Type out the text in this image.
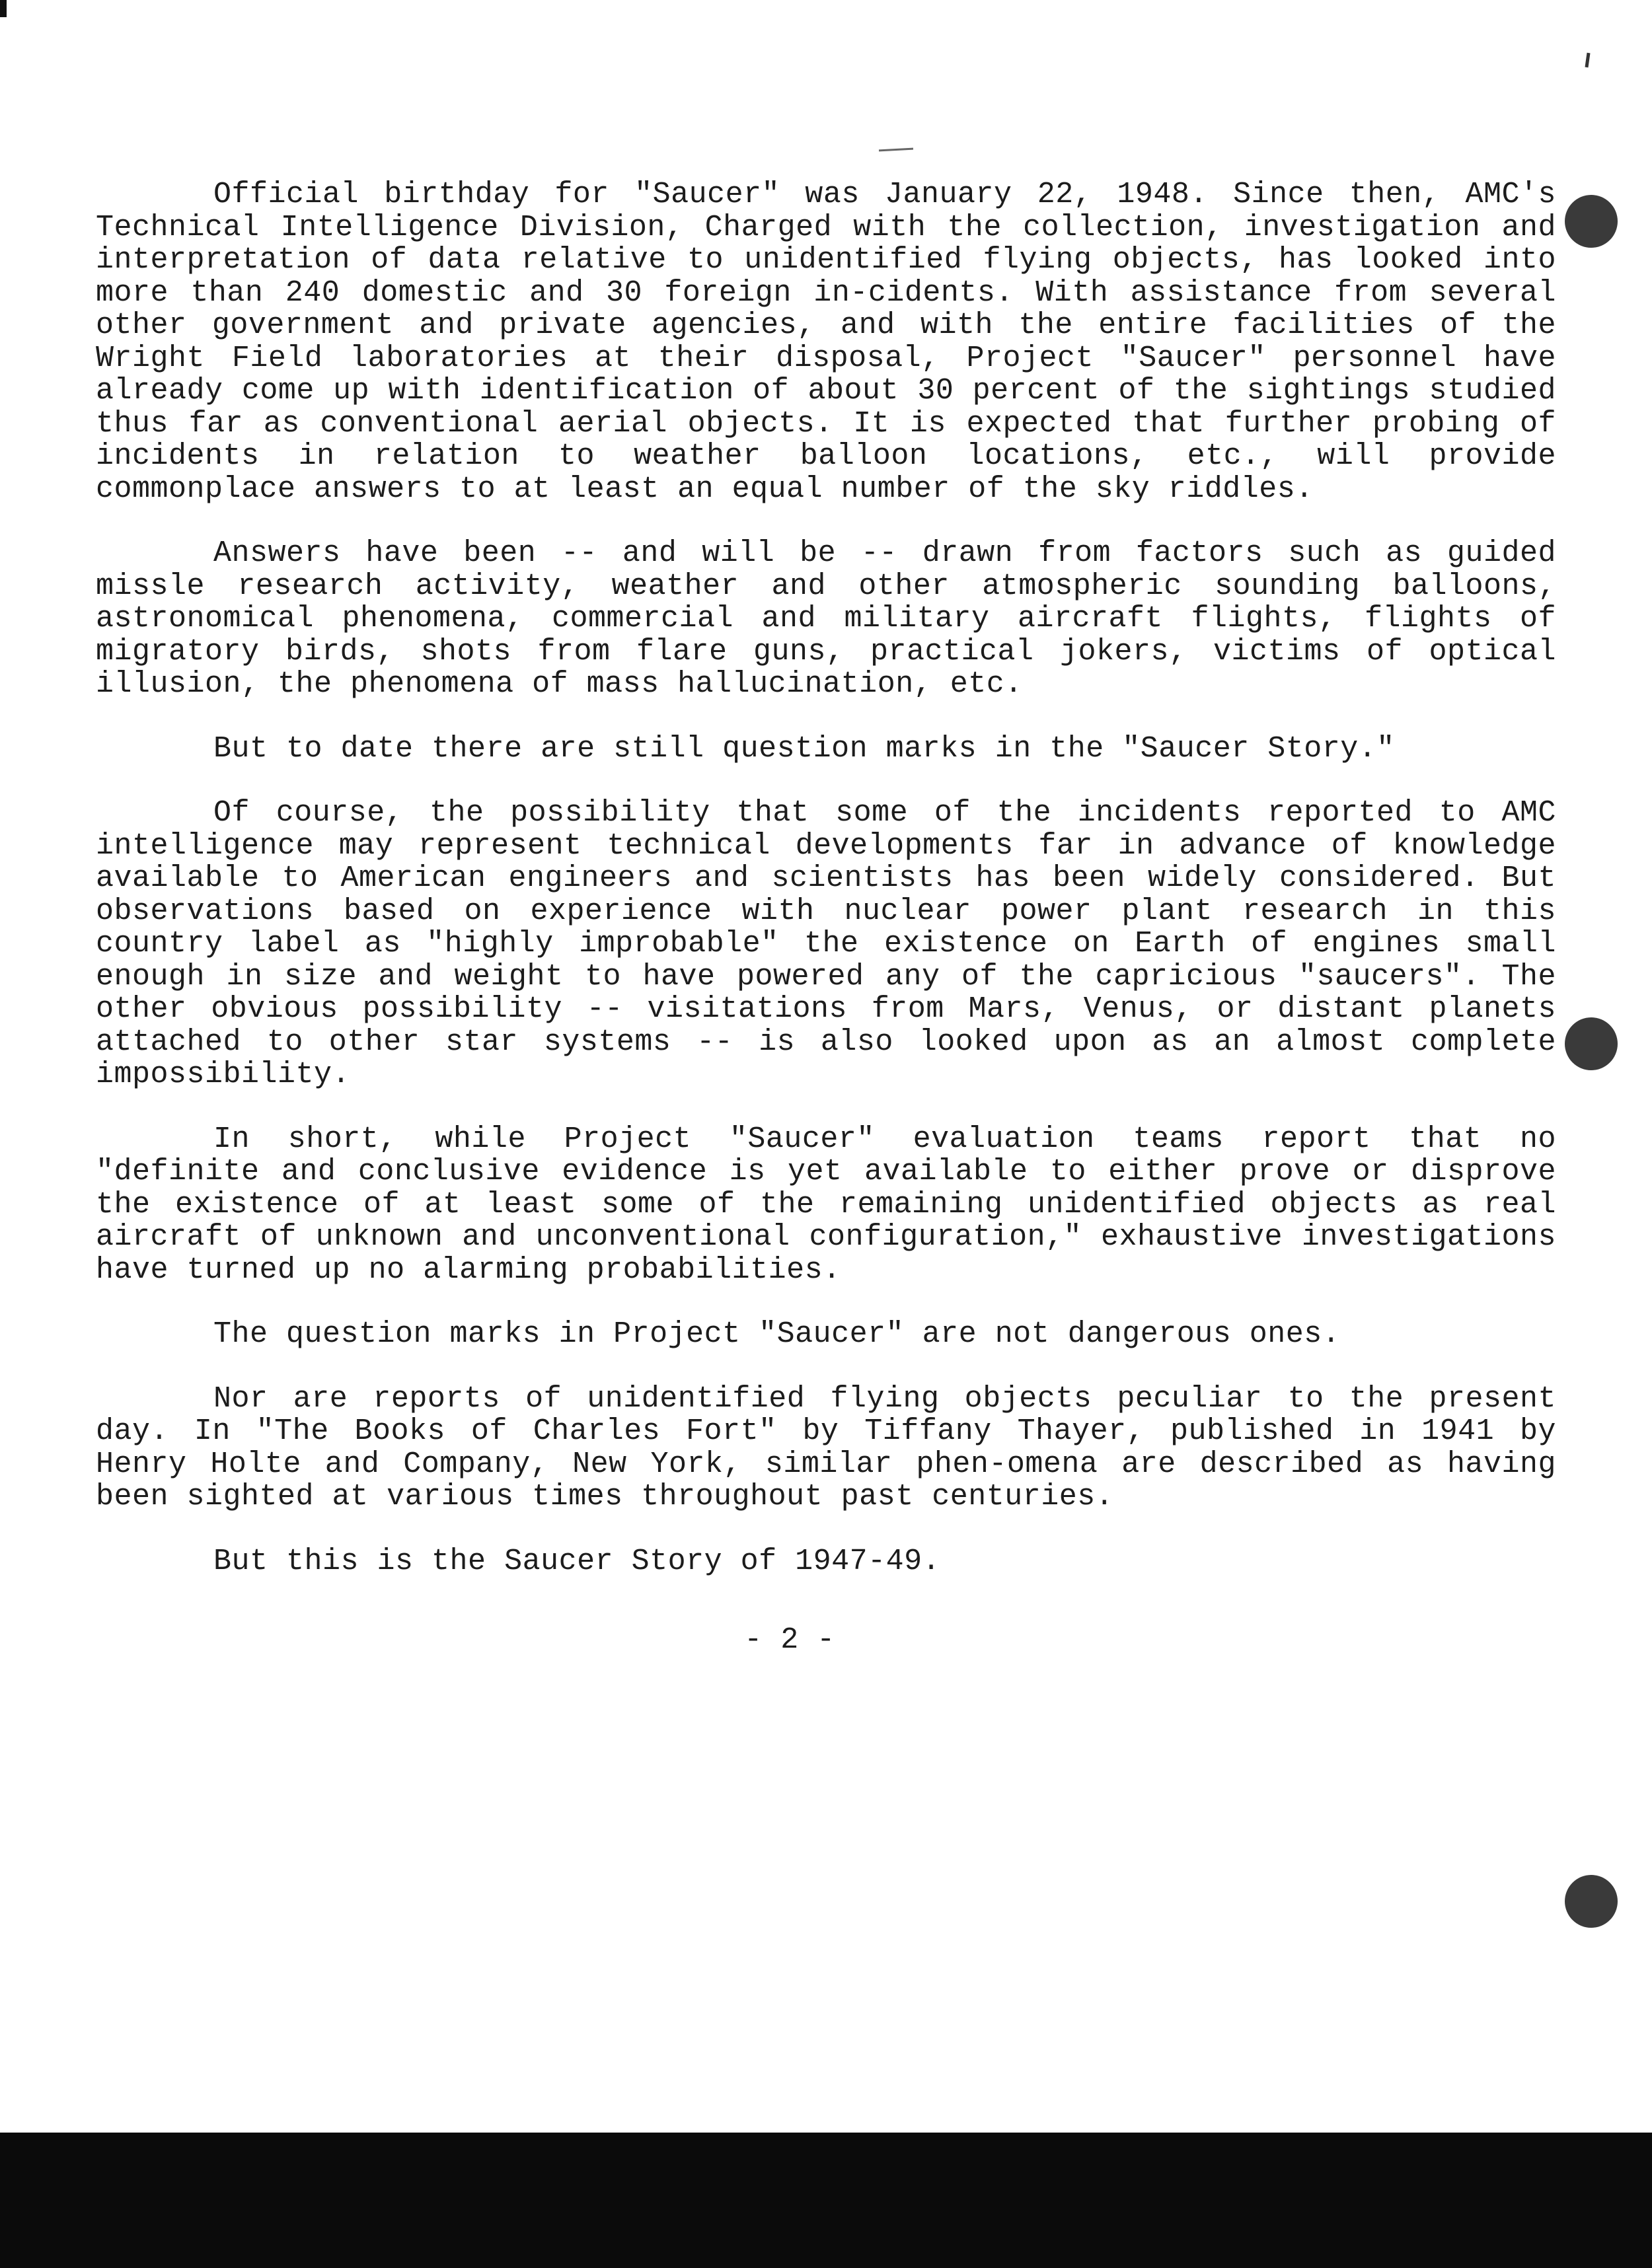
Official birthday for "Saucer" was January 22, 1948. Since then, AMC's Technical Intelligence Division, Charged with the collection, investigation and interpretation of data relative to unidentified flying objects, has looked into more than 240 domestic and 30 foreign in-cidents. With assistance from several other government and private agencies, and with the entire facilities of the Wright Field laboratories at their disposal, Project "Saucer" personnel have already come up with identification of about 30 percent of the sightings studied thus far as conventional aerial objects. It is expected that further probing of incidents in relation to weather balloon locations, etc., will provide commonplace answers to at least an equal number of the sky riddles.

Answers have been -- and will be -- drawn from factors such as guided missle research activity, weather and other atmospheric sounding balloons, astronomical phenomena, commercial and military aircraft flights, flights of migratory birds, shots from flare guns, practical jokers, victims of optical illusion, the phenomena of mass hallucination, etc.

But to date there are still question marks in the "Saucer Story."

Of course, the possibility that some of the incidents reported to AMC intelligence may represent technical developments far in advance of knowledge available to American engineers and scientists has been widely considered. But observations based on experience with nuclear power plant research in this country label as "highly improbable" the existence on Earth of engines small enough in size and weight to have powered any of the capricious "saucers". The other obvious possibility -- visitations from Mars, Venus, or distant planets attached to other star systems -- is also looked upon as an almost complete impossibility.

In short, while Project "Saucer" evaluation teams report that no "definite and conclusive evidence is yet available to either prove or disprove the existence of at least some of the remaining unidentified objects as real aircraft of unknown and unconventional configuration," exhaustive investigations have turned up no alarming probabilities.

The question marks in Project "Saucer" are not dangerous ones.

Nor are reports of unidentified flying objects peculiar to the present day. In "The Books of Charles Fort" by Tiffany Thayer, published in 1941 by Henry Holte and Company, New York, similar phen-omena are described as having been sighted at various times throughout past centuries.

But this is the Saucer Story of 1947-49.

- 2 -
